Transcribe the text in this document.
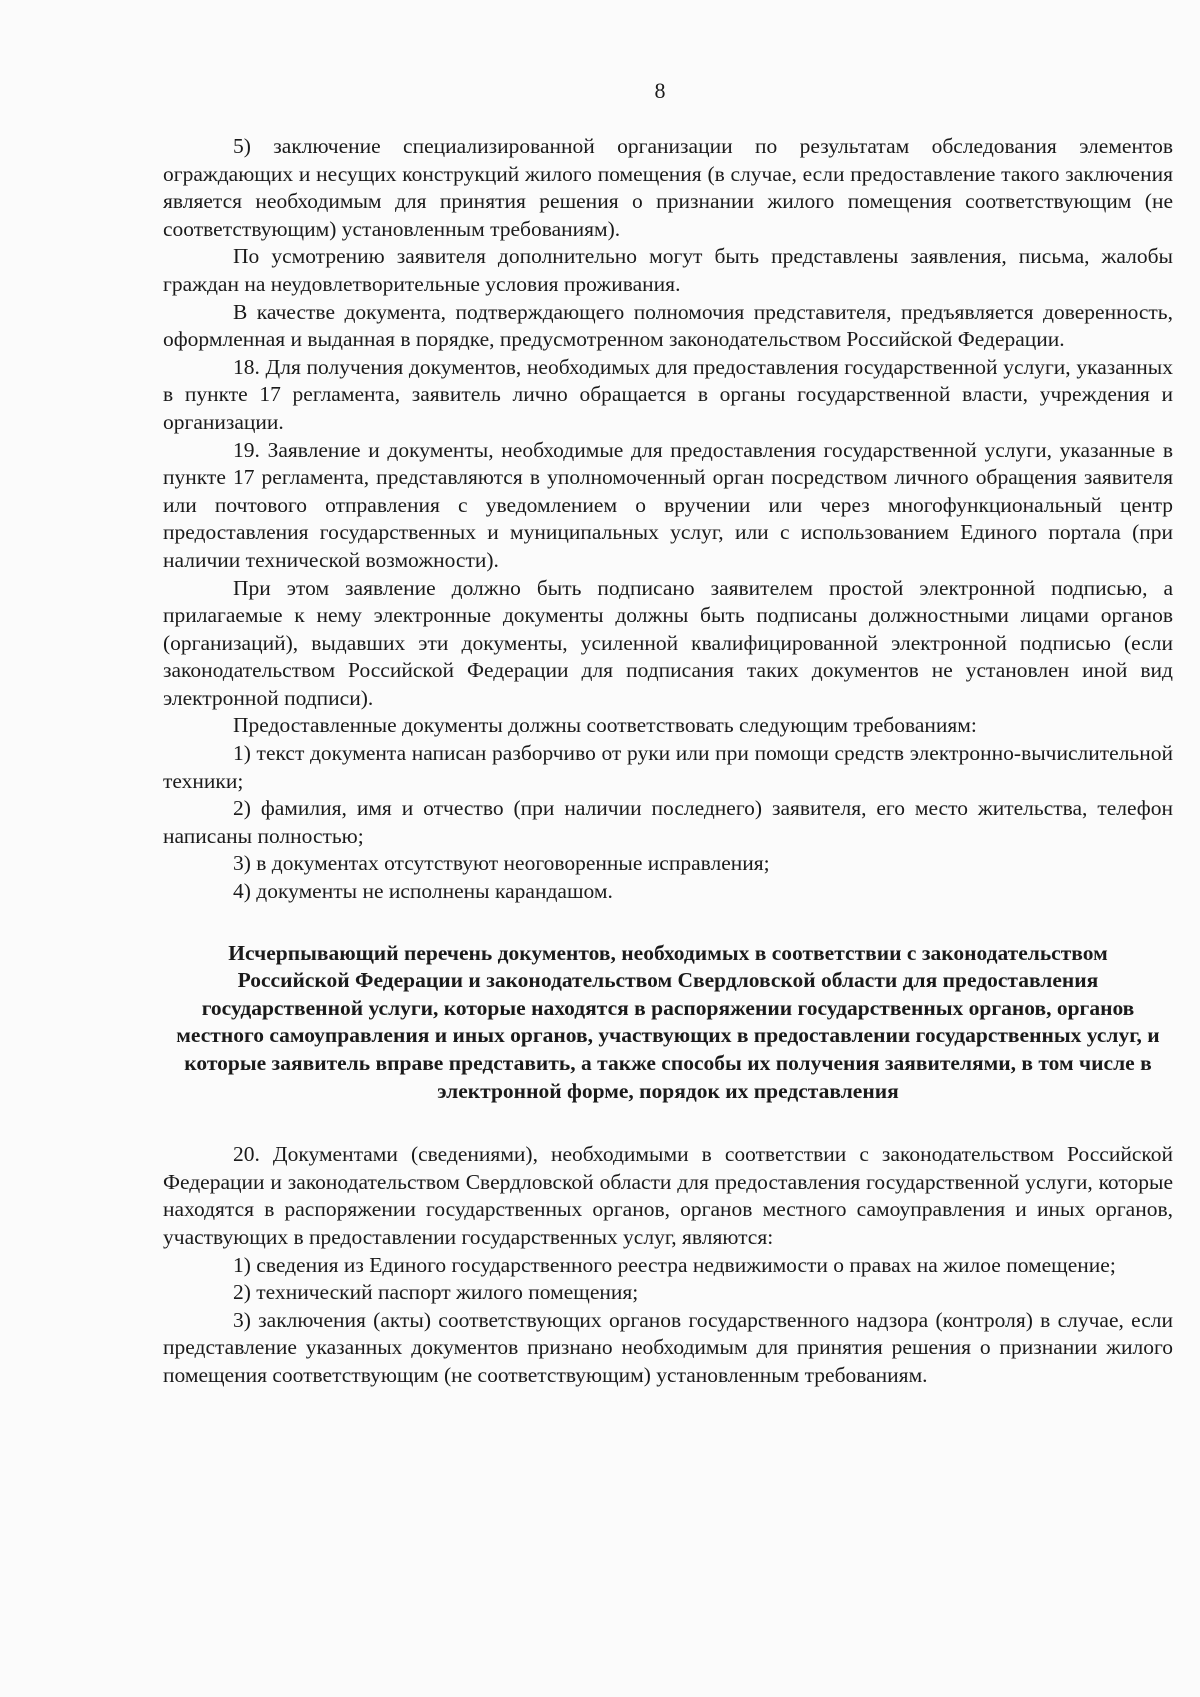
8

5) заключение специализированной организации по результатам обследования элементов ограждающих и несущих конструкций жилого помещения (в случае, если предоставление такого заключения является необходимым для принятия решения о признании жилого помещения соответствующим (не соответствующим) установленным требованиям).

По усмотрению заявителя дополнительно могут быть представлены заявления, письма, жалобы граждан на неудовлетворительные условия проживания.

В качестве документа, подтверждающего полномочия представителя, предъявляется доверенность, оформленная и выданная в порядке, предусмотренном законодательством Российской Федерации.

18. Для получения документов, необходимых для предоставления государственной услуги, указанных в пункте 17 регламента, заявитель лично обращается в органы государственной власти, учреждения и организации.

19. Заявление и документы, необходимые для предоставления государственной услуги, указанные в пункте 17 регламента, представляются в уполномоченный орган посредством личного обращения заявителя или почтового отправления с уведомлением о вручении или через многофункциональный центр предоставления государственных и муниципальных услуг, или с использованием Единого портала (при наличии технической возможности).

При этом заявление должно быть подписано заявителем простой электронной подписью, а прилагаемые к нему электронные документы должны быть подписаны должностными лицами органов (организаций), выдавших эти документы, усиленной квалифицированной электронной подписью (если законодательством Российской Федерации для подписания таких документов не установлен иной вид электронной подписи).

Предоставленные документы должны соответствовать следующим требованиям:

1) текст документа написан разборчиво от руки или при помощи средств электронно-вычислительной техники;

2) фамилия, имя и отчество (при наличии последнего) заявителя, его место жительства, телефон написаны полностью;

3) в документах отсутствуют неоговоренные исправления;

4) документы не исполнены карандашом.

Исчерпывающий перечень документов, необходимых в соответствии с законодательством Российской Федерации и законодательством Свердловской области для предоставления государственной услуги, которые находятся в распоряжении государственных органов, органов местного самоуправления и иных органов, участвующих в предоставлении государственных услуг, и которые заявитель вправе представить, а также способы их получения заявителями, в том числе в электронной форме, порядок их представления

20. Документами (сведениями), необходимыми в соответствии с законодательством Российской Федерации и законодательством Свердловской области для предоставления государственной услуги, которые находятся в распоряжении государственных органов, органов местного самоуправления и иных органов, участвующих в предоставлении государственных услуг, являются:

1) сведения из Единого государственного реестра недвижимости о правах на жилое помещение;

2) технический паспорт жилого помещения;

3) заключения (акты) соответствующих органов государственного надзора (контроля) в случае, если представление указанных документов признано необходимым для принятия решения о признании жилого помещения соответствующим (не соответствующим) установленным требованиям.
